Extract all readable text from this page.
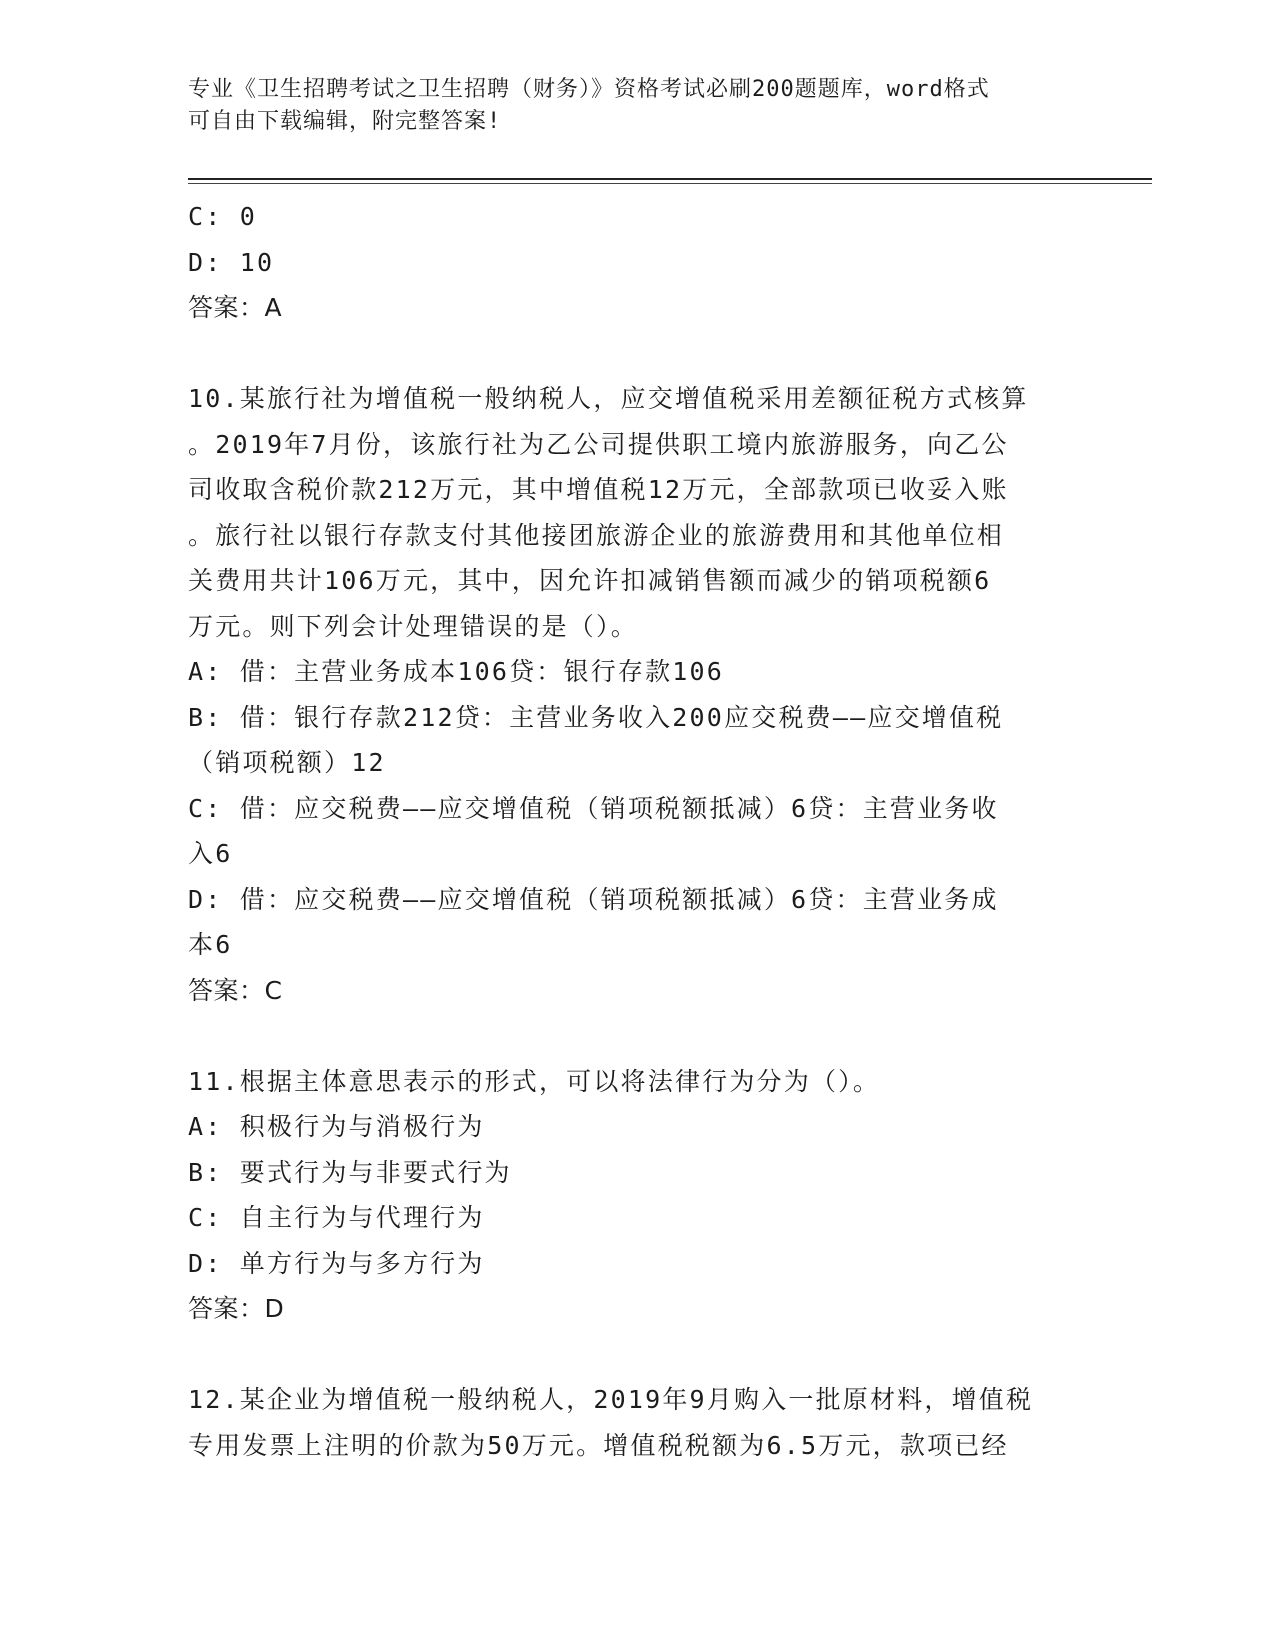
专业《卫生招聘考试之卫生招聘（财务）》资格考试必刷200题题库，word格式
可自由下载编辑，附完整答案!
C: 0
D: 10
答案：A
10.某旅行社为增值税一般纳税人，应交增值税采用差额征税方式核算
。2019年7月份，该旅行社为乙公司提供职工境内旅游服务，向乙公
司收取含税价款212万元，其中增值税12万元，全部款项已收妥入账
。旅行社以银行存款支付其他接团旅游企业的旅游费用和其他单位相
关费用共计106万元，其中，因允许扣减销售额而减少的销项税额6
万元。则下列会计处理错误的是（）。
A: 借：主营业务成本106贷：银行存款106
B: 借：银行存款212贷：主营业务收入200应交税费——应交增值税
（销项税额）12
C: 借：应交税费——应交增值税（销项税额抵减）6贷：主营业务收
入6
D: 借：应交税费——应交增值税（销项税额抵减）6贷：主营业务成
本6
答案：C
11.根据主体意思表示的形式，可以将法律行为分为（）。
A: 积极行为与消极行为
B: 要式行为与非要式行为
C: 自主行为与代理行为
D: 单方行为与多方行为
答案：D
12.某企业为增值税一般纳税人，2019年9月购入一批原材料，增值税
专用发票上注明的价款为50万元。增值税税额为6.5万元，款项已经
